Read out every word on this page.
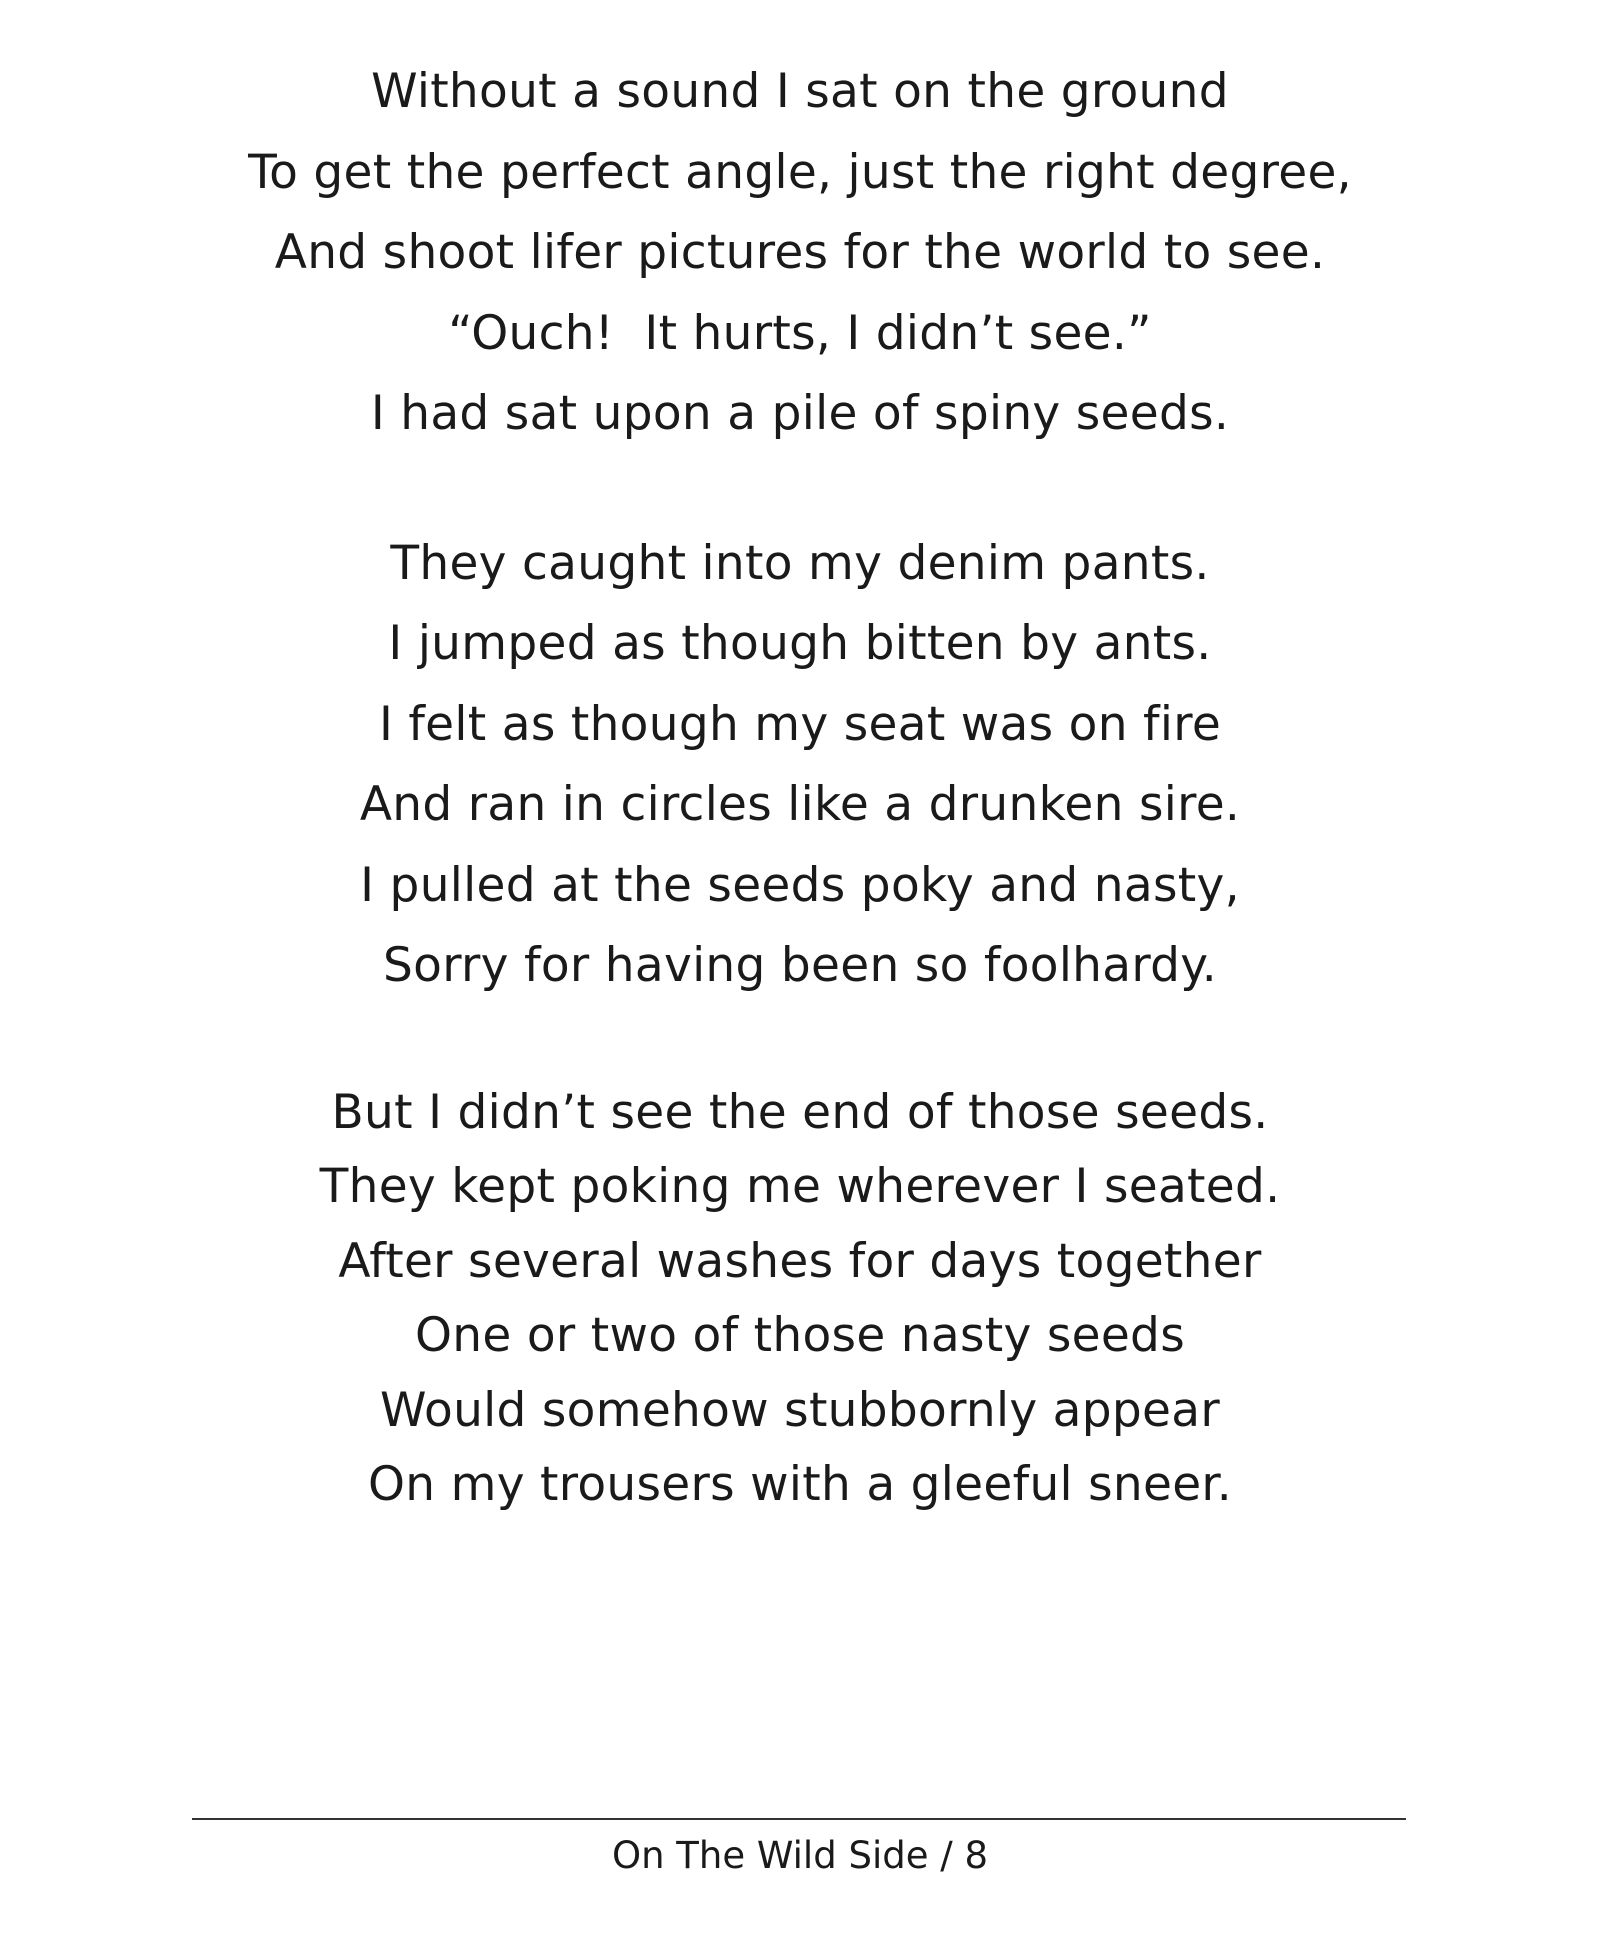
Without a sound I sat on the ground
To get the perfect angle, just the right degree,
And shoot lifer pictures for the world to see.
“Ouch!  It hurts, I didn’t see.”
I had sat upon a pile of spiny seeds.
They caught into my denim pants.
I jumped as though bitten by ants.
I felt as though my seat was on fire
And ran in circles like a drunken sire.
I pulled at the seeds poky and nasty,
Sorry for having been so foolhardy.
But I didn’t see the end of those seeds.
They kept poking me wherever I seated.
After several washes for days together
One or two of those nasty seeds
Would somehow stubbornly appear
On my trousers with a gleeful sneer.
On The Wild Side / 8
